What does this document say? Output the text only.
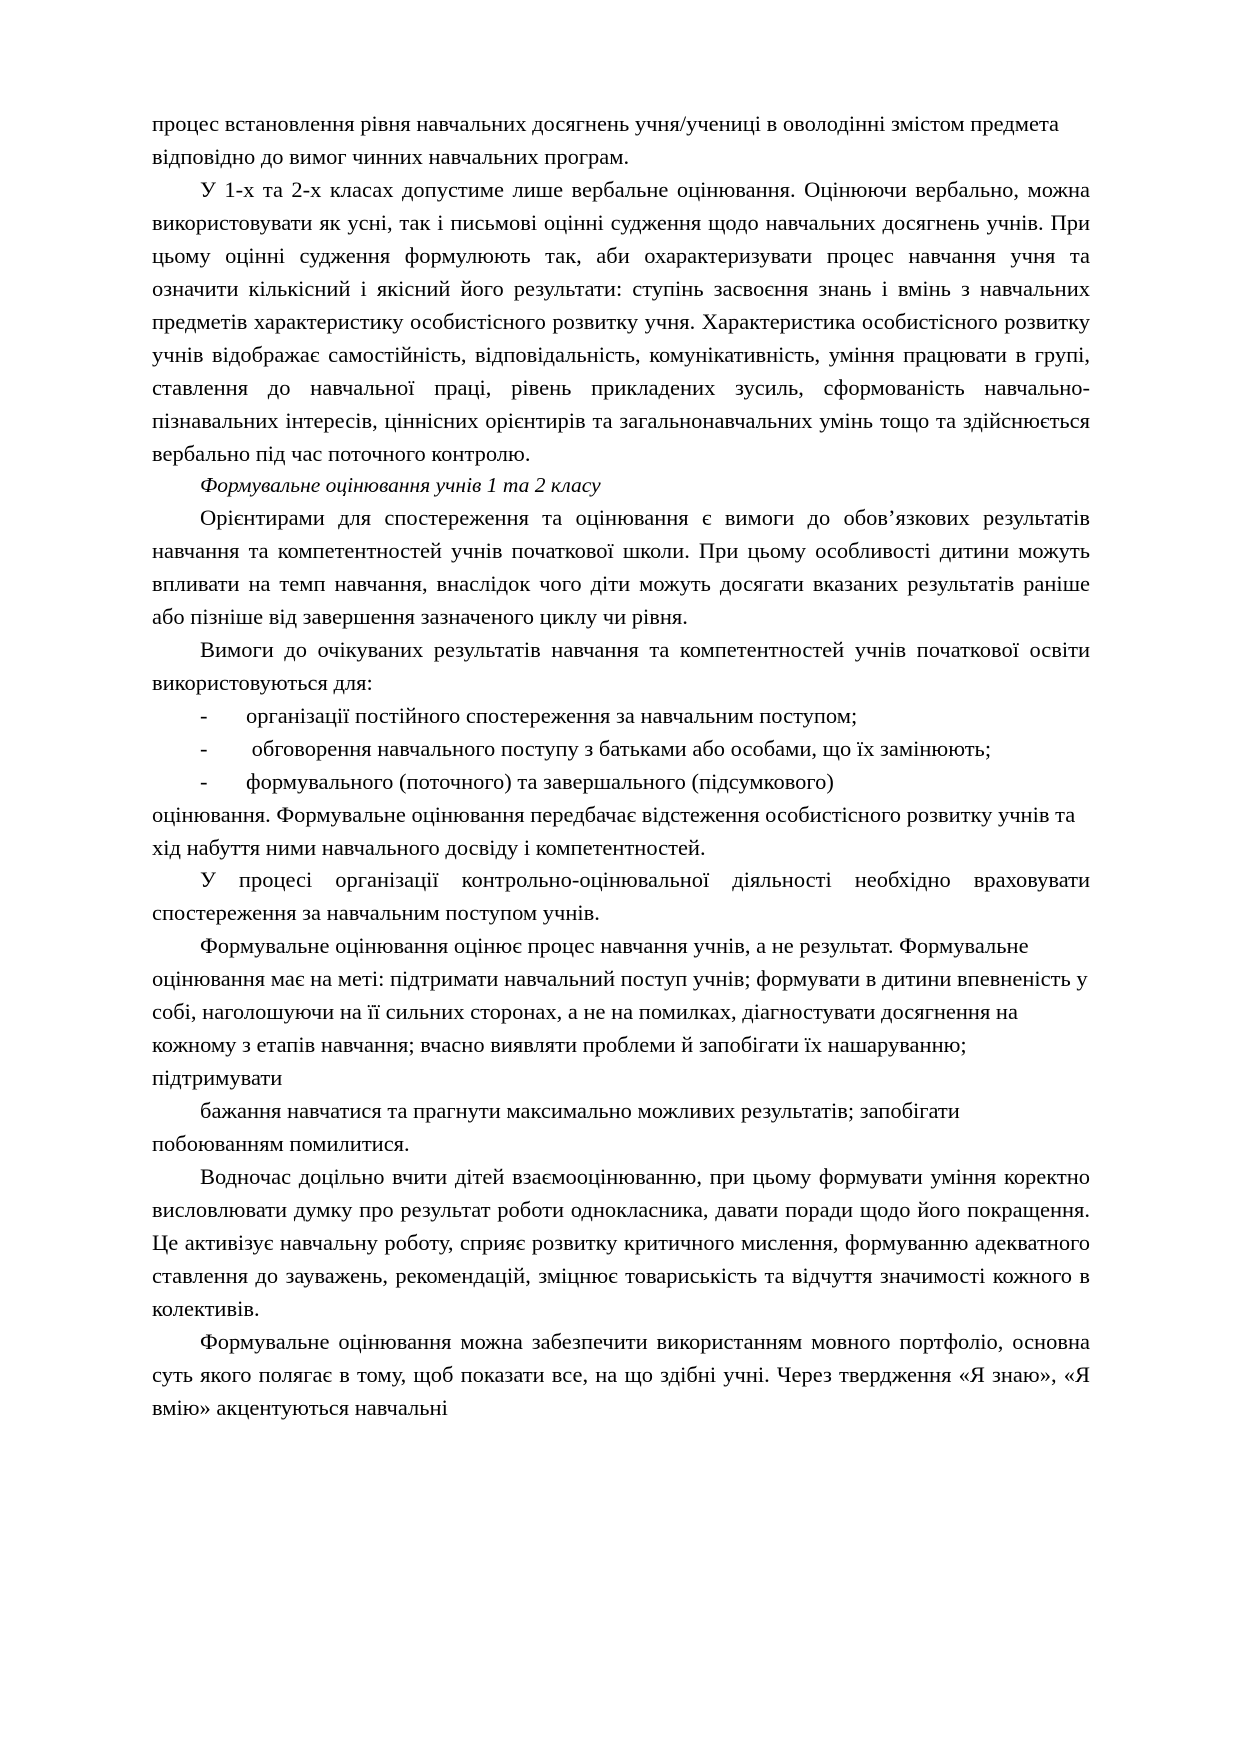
процес встановлення рівня навчальних досягнень учня/учениці в оволодінні змістом предмета відповідно до вимог чинних навчальних програм.

У 1-х та 2-х класах допустиме лише вербальне оцінювання. Оцінюючи вербально, можна використовувати як усні, так і письмові оцінні судження щодо навчальних досягнень учнів. При цьому оцінні судження формулюють так, аби охарактеризувати процес навчання учня та означити кількісний і якісний його результати: ступінь засвоєння знань і вмінь з навчальних предметів характеристику особистісного розвитку учня. Характеристика особистісного розвитку учнів відображає самостійність, відповідальність, комунікативність, уміння працювати в групі, ставлення до навчальної праці, рівень прикладених зусиль, сформованість навчально-пізнавальних інтересів, ціннісних орієнтирів та загальнонавчальних умінь тощо та здійснюється вербально під час поточного контролю.

Формувальне оцінювання учнів 1 та 2 класу

Орієнтирами для спостереження та оцінювання є вимоги до обов’язкових результатів навчання та компетентностей учнів початкової школи. При цьому особливості дитини можуть впливати на темп навчання, внаслідок чого діти можуть досягати вказаних результатів раніше або пізніше від завершення зазначеного циклу чи рівня.

Вимоги до очікуваних результатів навчання та компетентностей учнів початкової освіти використовуються для:

- організації постійного спостереження за навчальним поступом;
- обговорення навчального поступу з батьками або особами, що їх замінюють;
- формувального (поточного) та завершального (підсумкового)

оцінювання. Формувальне оцінювання передбачає відстеження особистісного розвитку учнів та хід набуття ними навчального досвіду і компетентностей.

У процесі організації контрольно-оцінювальної діяльності необхідно враховувати спостереження за навчальним поступом учнів.

Формувальне оцінювання оцінює процес навчання учнів, а не результат. Формувальне оцінювання має на меті: підтримати навчальний поступ учнів; формувати в дитини впевненість у собі, наголошуючи на її сильних сторонах, а не на помилках, діагностувати досягнення на кожному з етапів навчання; вчасно виявляти проблеми й запобігати їх нашаруванню; підтримувати

бажання навчатися та прагнути максимально можливих результатів; запобігати побоюванням помилитися.

Водночас доцільно вчити дітей взаємооцінюванню, при цьому формувати уміння коректно висловлювати думку про результат роботи однокласника, давати поради щодо його покращення. Це активізує навчальну роботу, сприяє розвитку критичного мислення, формуванню адекватного ставлення до зауважень, рекомендацій, зміцнює товариськість та відчуття значимості кожного в колективів.

Формувальне оцінювання можна забезпечити використанням мовного портфоліо, основна суть якого полягає в тому, щоб показати все, на що здібні учні. Через твердження «Я знаю», «Я вмію» акцентуються навчальні
